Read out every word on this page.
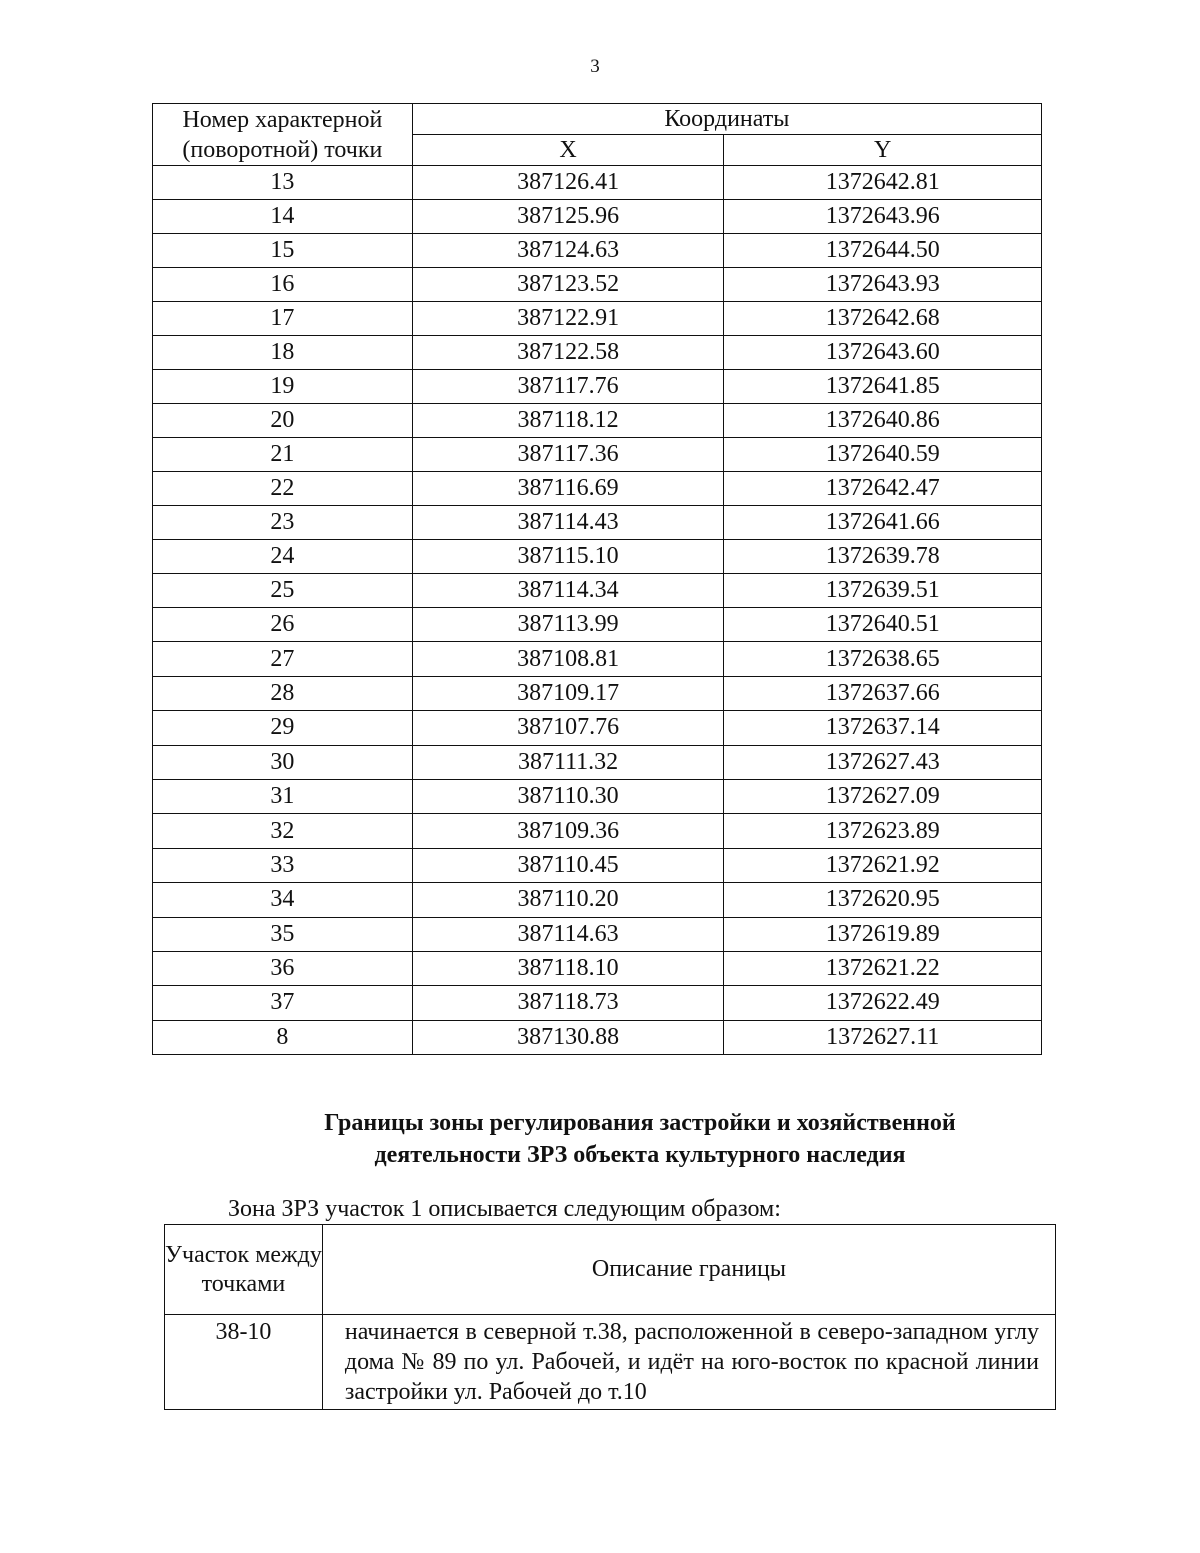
3
Номер характерной (поворотной) точки	Координаты	
	X	Y
13	387126.41	1372642.81
14	387125.96	1372643.96
15	387124.63	1372644.50
16	387123.52	1372643.93
17	387122.91	1372642.68
18	387122.58	1372643.60
19	387117.76	1372641.85
20	387118.12	1372640.86
21	387117.36	1372640.59
22	387116.69	1372642.47
23	387114.43	1372641.66
24	387115.10	1372639.78
25	387114.34	1372639.51
26	387113.99	1372640.51
27	387108.81	1372638.65
28	387109.17	1372637.66
29	387107.76	1372637.14
30	387111.32	1372627.43
31	387110.30	1372627.09
32	387109.36	1372623.89
33	387110.45	1372621.92
34	387110.20	1372620.95
35	387114.63	1372619.89
36	387118.10	1372621.22
37	387118.73	1372622.49
8	387130.88	1372627.11
Границы зоны регулирования застройки и хозяйственной
деятельности ЗРЗ объекта культурного наследия
Зона ЗРЗ участок 1 описывается следующим образом:
Участок между точками	Описание границы
38-10	начинается в северной т.38, расположенной в северо-западном углу дома № 89 по ул. Рабочей, и идёт на юго-восток по красной линии застройки ул. Рабочей до т.10
